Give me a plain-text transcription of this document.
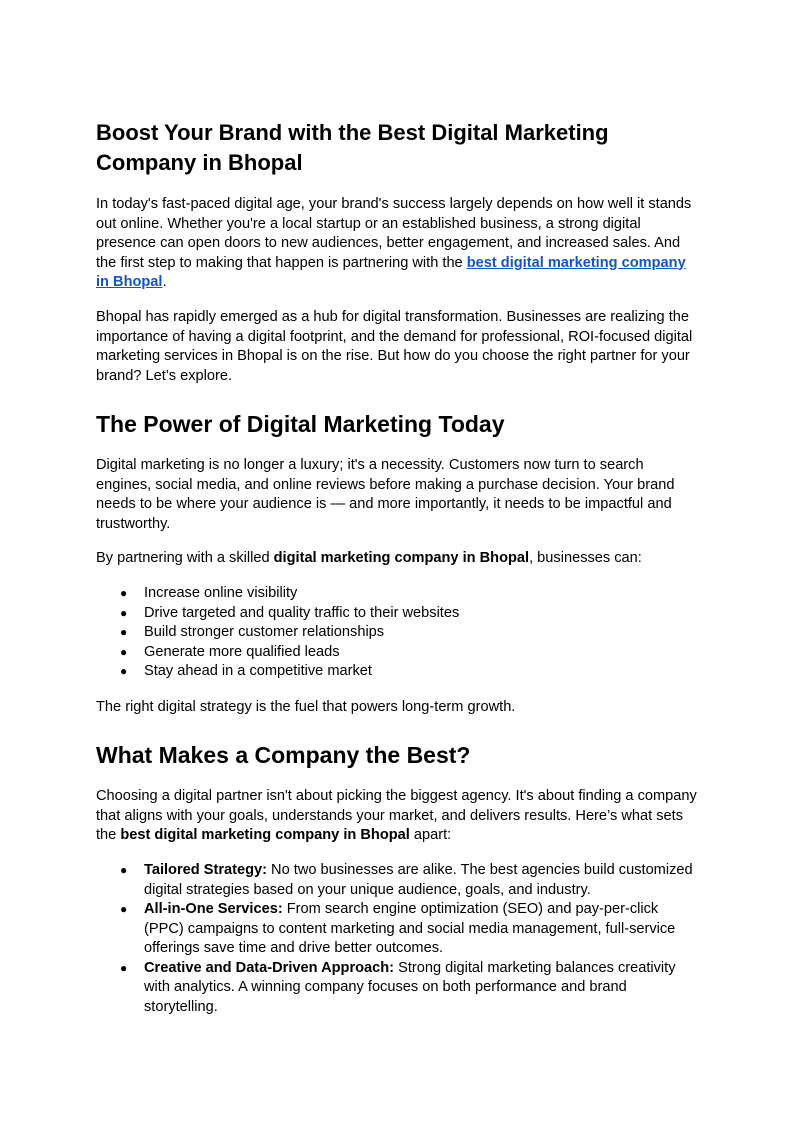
Boost Your Brand with the Best Digital Marketing Company in Bhopal

In today's fast-paced digital age, your brand's success largely depends on how well it stands out online. Whether you're a local startup or an established business, a strong digital presence can open doors to new audiences, better engagement, and increased sales. And the first step to making that happen is partnering with the best digital marketing company in Bhopal.

Bhopal has rapidly emerged as a hub for digital transformation. Businesses are realizing the importance of having a digital footprint, and the demand for professional, ROI-focused digital marketing services in Bhopal is on the rise. But how do you choose the right partner for your brand? Let’s explore.

The Power of Digital Marketing Today

Digital marketing is no longer a luxury; it's a necessity. Customers now turn to search engines, social media, and online reviews before making a purchase decision. Your brand needs to be where your audience is — and more importantly, it needs to be impactful and trustworthy.

By partnering with a skilled digital marketing company in Bhopal, businesses can:

● Increase online visibility
● Drive targeted and quality traffic to their websites
● Build stronger customer relationships
● Generate more qualified leads
● Stay ahead in a competitive market

The right digital strategy is the fuel that powers long-term growth.

What Makes a Company the Best?

Choosing a digital partner isn't about picking the biggest agency. It's about finding a company that aligns with your goals, understands your market, and delivers results. Here’s what sets the best digital marketing company in Bhopal apart:

● Tailored Strategy: No two businesses are alike. The best agencies build customized digital strategies based on your unique audience, goals, and industry.
● All-in-One Services: From search engine optimization (SEO) and pay-per-click (PPC) campaigns to content marketing and social media management, full-service offerings save time and drive better outcomes.
● Creative and Data-Driven Approach: Strong digital marketing balances creativity with analytics. A winning company focuses on both performance and brand storytelling.
